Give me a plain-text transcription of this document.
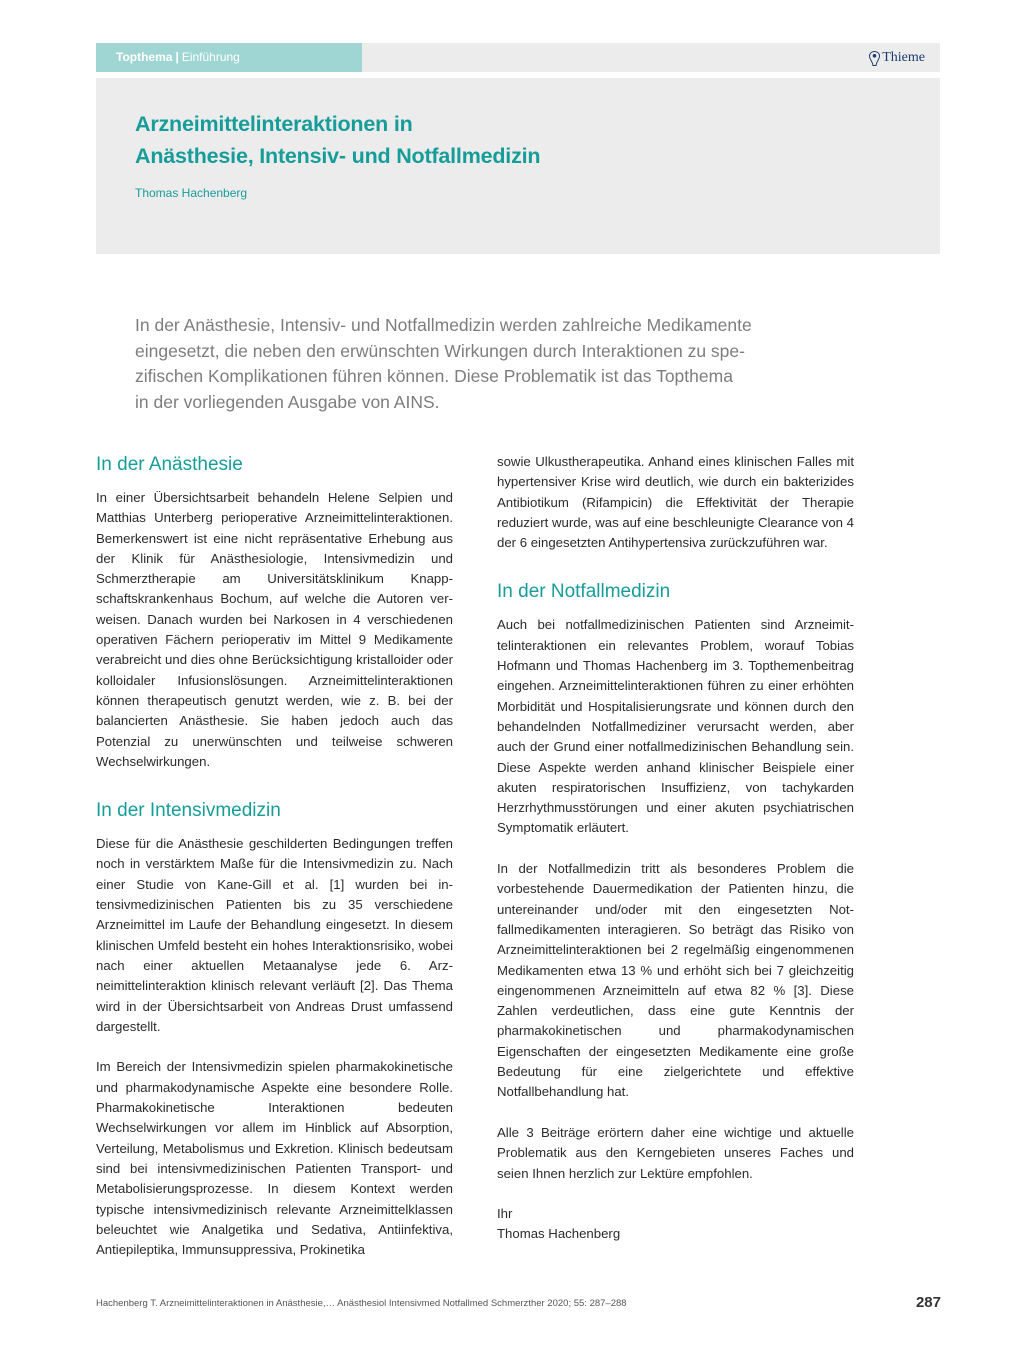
Topthema | Einführung	Thieme
Arzneimittelinteraktionen in
Anästhesie, Intensiv- und Notfallmedizin
Thomas Hachenberg

In der Anästhesie, Intensiv- und Notfallmedizin werden zahlreiche Medikamente
eingesetzt, die neben den erwünschten Wirkungen durch Interaktionen zu spe-
zifischen Komplikationen führen können. Diese Problematik ist das Topthema
in der vorliegenden Ausgabe von AINS.

In der Anästhesie

In einer Übersichtsarbeit behandeln Helene Selpien und Matthias Unterberg perioperative Arzneimittelinteraktionen. Bemerkenswert ist eine nicht repräsentative Erhebung aus der Klinik für Anästhesiologie, Intensivmedizin und Schmerztherapie am Universitätsklinikum Knappschaftskrankenhaus Bochum, auf welche die Autoren verweisen. Danach wurden bei Narkosen in 4 verschiedenen operativen Fächern perioperativ im Mittel 9 Medikamente verabreicht und dies ohne Berücksichtigung kristalloider oder kolloidaler Infusionslösungen. Arzneimittelinteraktionen können therapeutisch genutzt werden, wie z. B. bei der balancierten Anästhesie. Sie haben jedoch auch das Potenzial zu unerwünschten und teilweise schweren Wechselwirkungen.

In der Intensivmedizin

Diese für die Anästhesie geschilderten Bedingungen treffen noch in verstärktem Maße für die Intensivmedizin zu. Nach einer Studie von Kane-Gill et al. [1] wurden bei intensivmedizinischen Patienten bis zu 35 verschiedene Arzneimittel im Laufe der Behandlung eingesetzt. In diesem klinischen Umfeld besteht ein hohes Interaktionsrisiko, wobei nach einer aktuellen Metaanalyse jede 6. Arzneimittelinteraktion klinisch relevant verläuft [2]. Das Thema wird in der Übersichtsarbeit von Andreas Drust umfassend dargestellt.

Im Bereich der Intensivmedizin spielen pharmakokinetische und pharmakodynamische Aspekte eine besondere Rolle. Pharmakokinetische Interaktionen bedeuten Wechselwirkungen vor allem im Hinblick auf Absorption, Verteilung, Metabolismus und Exkretion. Klinisch bedeutsam sind bei intensivmedizinischen Patienten Transport- und Metabolisierungsprozesse. In diesem Kontext werden typische intensivmedizinisch relevante Arzneimittelklassen beleuchtet wie Analgetika und Sedativa, Antiinfektiva, Antiepileptika, Immunsuppressiva, Prokinetika

sowie Ulkustherapeutika. Anhand eines klinischen Falles mit hypertensiver Krise wird deutlich, wie durch ein bakterizides Antibiotikum (Rifampicin) die Effektivität der Therapie reduziert wurde, was auf eine beschleunigte Clearance von 4 der 6 eingesetzten Antihypertensiva zurückzuführen war.

In der Notfallmedizin

Auch bei notfallmedizinischen Patienten sind Arzneimittelinteraktionen ein relevantes Problem, worauf Tobias Hofmann und Thomas Hachenberg im 3. Topthemenbeitrag eingehen. Arzneimittelinteraktionen führen zu einer erhöhten Morbidität und Hospitalisierungsrate und können durch den behandelnden Notfallmediziner verursacht werden, aber auch der Grund einer notfallmedizinischen Behandlung sein. Diese Aspekte werden anhand klinischer Beispiele einer akuten respiratorischen Insuffizienz, von tachykarden Herzrhythmusstörungen und einer akuten psychiatrischen Symptomatik erläutert.

In der Notfallmedizin tritt als besonderes Problem die vorbestehende Dauermedikation der Patienten hinzu, die untereinander und/oder mit den eingesetzten Notfallmedikamenten interagieren. So beträgt das Risiko von Arzneimittelinteraktionen bei 2 regelmäßig eingenommenen Medikamenten etwa 13 % und erhöht sich bei 7 gleichzeitig eingenommenen Arzneimitteln auf etwa 82 % [3]. Diese Zahlen verdeutlichen, dass eine gute Kenntnis der pharmakokinetischen und pharmakodynamischen Eigenschaften der eingesetzten Medikamente eine große Bedeutung für eine zielgerichtete und effektive Notfallbehandlung hat.

Alle 3 Beiträge erörtern daher eine wichtige und aktuelle Problematik aus den Kerngebieten unseres Faches und seien Ihnen herzlich zur Lektüre empfohlen.

Ihr

Thomas Hachenberg

Hachenberg T. Arzneimittelinteraktionen in Anästhesie,… Anästhesiol Intensivmed Notfallmed Schmerzther 2020; 55: 287–288	287
